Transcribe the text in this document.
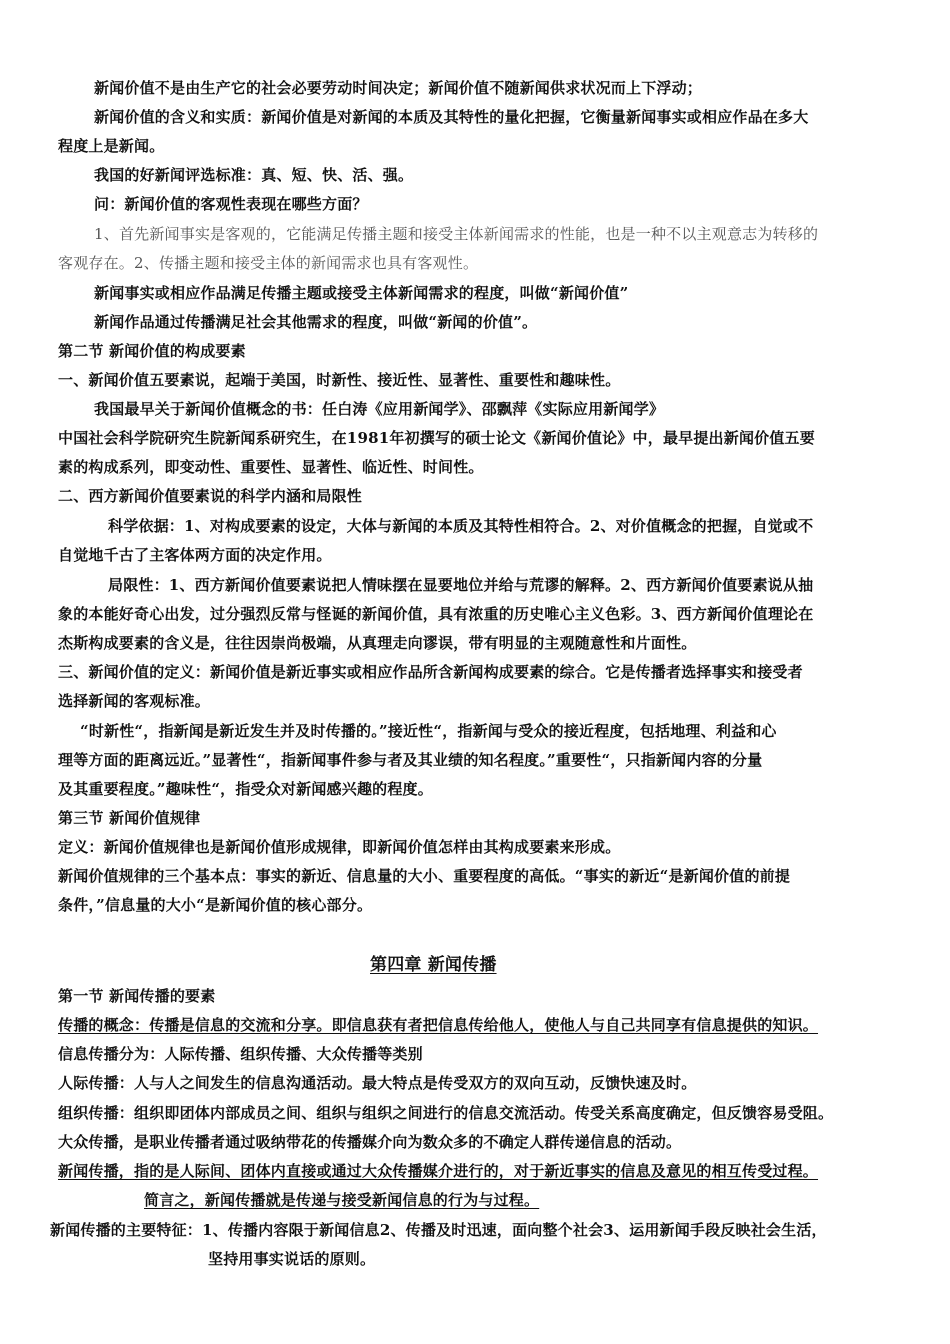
新闻价值不是由生产它的社会必要劳动时间决定；新闻价值不随新闻供求状况而上下浮动；
新闻价值的含义和实质：新闻价值是对新闻的本质及其特性的量化把握，它衡量新闻事实或相应作品在多大
程度上是新闻。
我国的好新闻评选标准：真、短、快、活、强。
问：新闻价值的客观性表现在哪些方面？
1、首先新闻事实是客观的，它能满足传播主题和接受主体新闻需求的性能，也是一种不以主观意志为转移的
客观存在。2、传播主题和接受主体的新闻需求也具有客观性。
新闻事实或相应作品满足传播主题或接受主体新闻需求的程度，叫做“新闻价值”
新闻作品通过传播满足社会其他需求的程度，叫做“新闻的价值”。
第二节 新闻价值的构成要素
一、新闻价值五要素说，起端于美国，时新性、接近性、显著性、重要性和趣味性。
我国最早关于新闻价值概念的书：任白涛《应用新闻学》、邵飘萍《实际应用新闻学》
中国社会科学院研究生院新闻系研究生，在1981年初撰写的硕士论文《新闻价值论》中，最早提出新闻价值五要
素的构成系列，即变动性、重要性、显著性、临近性、时间性。
二、西方新闻价值要素说的科学内涵和局限性
科学依据：1、对构成要素的设定，大体与新闻的本质及其特性相符合。2、对价值概念的把握，自觉或不
自觉地千古了主客体两方面的决定作用。
局限性：1、西方新闻价值要素说把人情味摆在显要地位并给与荒谬的解释。2、西方新闻价值要素说从抽
象的本能好奇心出发，过分强烈反常与怪诞的新闻价值，具有浓重的历史唯心主义色彩。3、西方新闻价值理论在
杰斯构成要素的含义是，往往因崇尚极端，从真理走向谬误，带有明显的主观随意性和片面性。
三、新闻价值的定义：新闻价值是新近事实或相应作品所含新闻构成要素的综合。它是传播者选择事实和接受者
选择新闻的客观标准。
“时新性“，指新闻是新近发生并及时传播的。”接近性“，指新闻与受众的接近程度，包括地理、利益和心
理等方面的距离远近。”显著性“，指新闻事件参与者及其业绩的知名程度。”重要性“，只指新闻内容的分量
及其重要程度。”趣味性“，指受众对新闻感兴趣的程度。
第三节 新闻价值规律
定义：新闻价值规律也是新闻价值形成规律，即新闻价值怎样由其构成要素来形成。
新闻价值规律的三个基本点：事实的新近、信息量的大小、重要程度的高低。“事实的新近“是新闻价值的前提
条件，”信息量的大小“是新闻价值的核心部分。
第四章 新闻传播
第一节 新闻传播的要素
传播的概念：传播是信息的交流和分享。即信息获有者把信息传给他人，使他人与自己共同享有信息提供的知识。
信息传播分为：人际传播、组织传播、大众传播等类别
人际传播：人与人之间发生的信息沟通活动。最大特点是传受双方的双向互动，反馈快速及时。
组织传播：组织即团体内部成员之间、组织与组织之间进行的信息交流活动。传受关系高度确定，但反馈容易受阻。
大众传播，是职业传播者通过吸纳带花的传播媒介向为数众多的不确定人群传递信息的活动。
新闻传播，指的是人际间、团体内直接或通过大众传播媒介进行的，对于新近事实的信息及意见的相互传受过程。
简言之，新闻传播就是传递与接受新闻信息的行为与过程。
新闻传播的主要特征：1、传播内容限于新闻信息2、传播及时迅速，面向整个社会3、运用新闻手段反映社会生活，
坚持用事实说话的原则。
